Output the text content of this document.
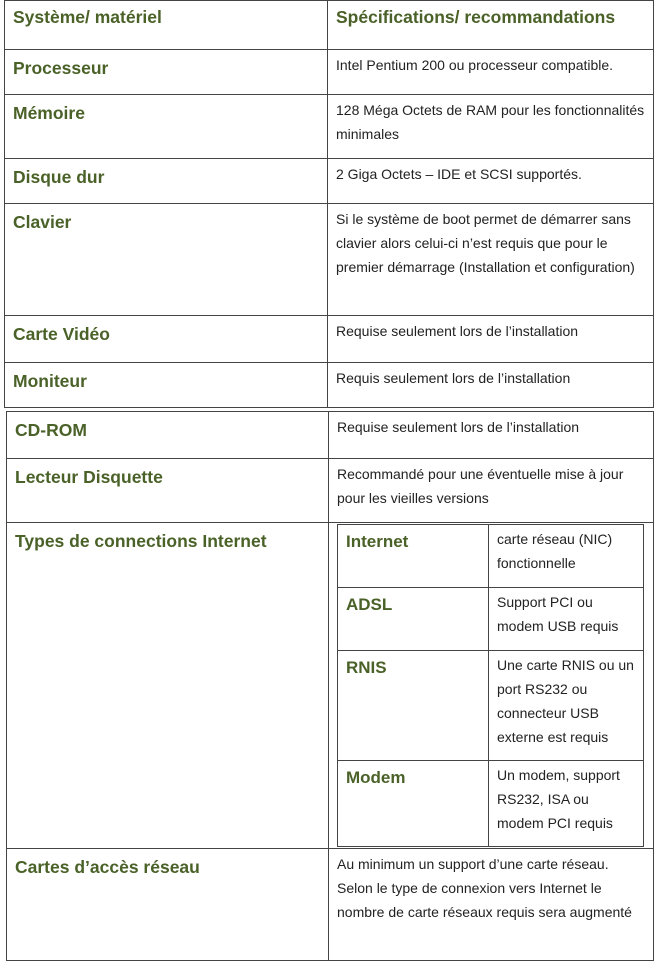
Système/ matériel	Spécifications/ recommandations
Processeur	Intel Pentium 200 ou processeur compatible.
Mémoire	128 Méga Octets de RAM pour les fonctionnalités minimales
Disque dur	2 Giga Octets – IDE et SCSI supportés.
Clavier	Si le système de boot permet de démarrer sans clavier alors celui-ci n’est requis que pour le premier démarrage (Installation et configuration)
Carte Vidéo	Requise seulement lors de l’installation
Moniteur	Requis seulement lors de l’installation
CD-ROM	Requise seulement lors de l’installation
Lecteur Disquette	Recommandé pour une éventuelle mise à jour pour les vieilles versions
Types de connections Internet		Internet	carte réseau (NIC) fonctionnelle
ADSL	Support PCI ou modem USB requis
RNIS	Une carte RNIS ou un port RS232 ou connecteur USB externe est requis
Modem	Un modem, support RS232, ISA ou modem PCI requis

Cartes d’accès réseau	Au minimum un support d’une carte réseau. Selon le type de connexion vers Internet le nombre de carte réseaux requis sera augmenté
